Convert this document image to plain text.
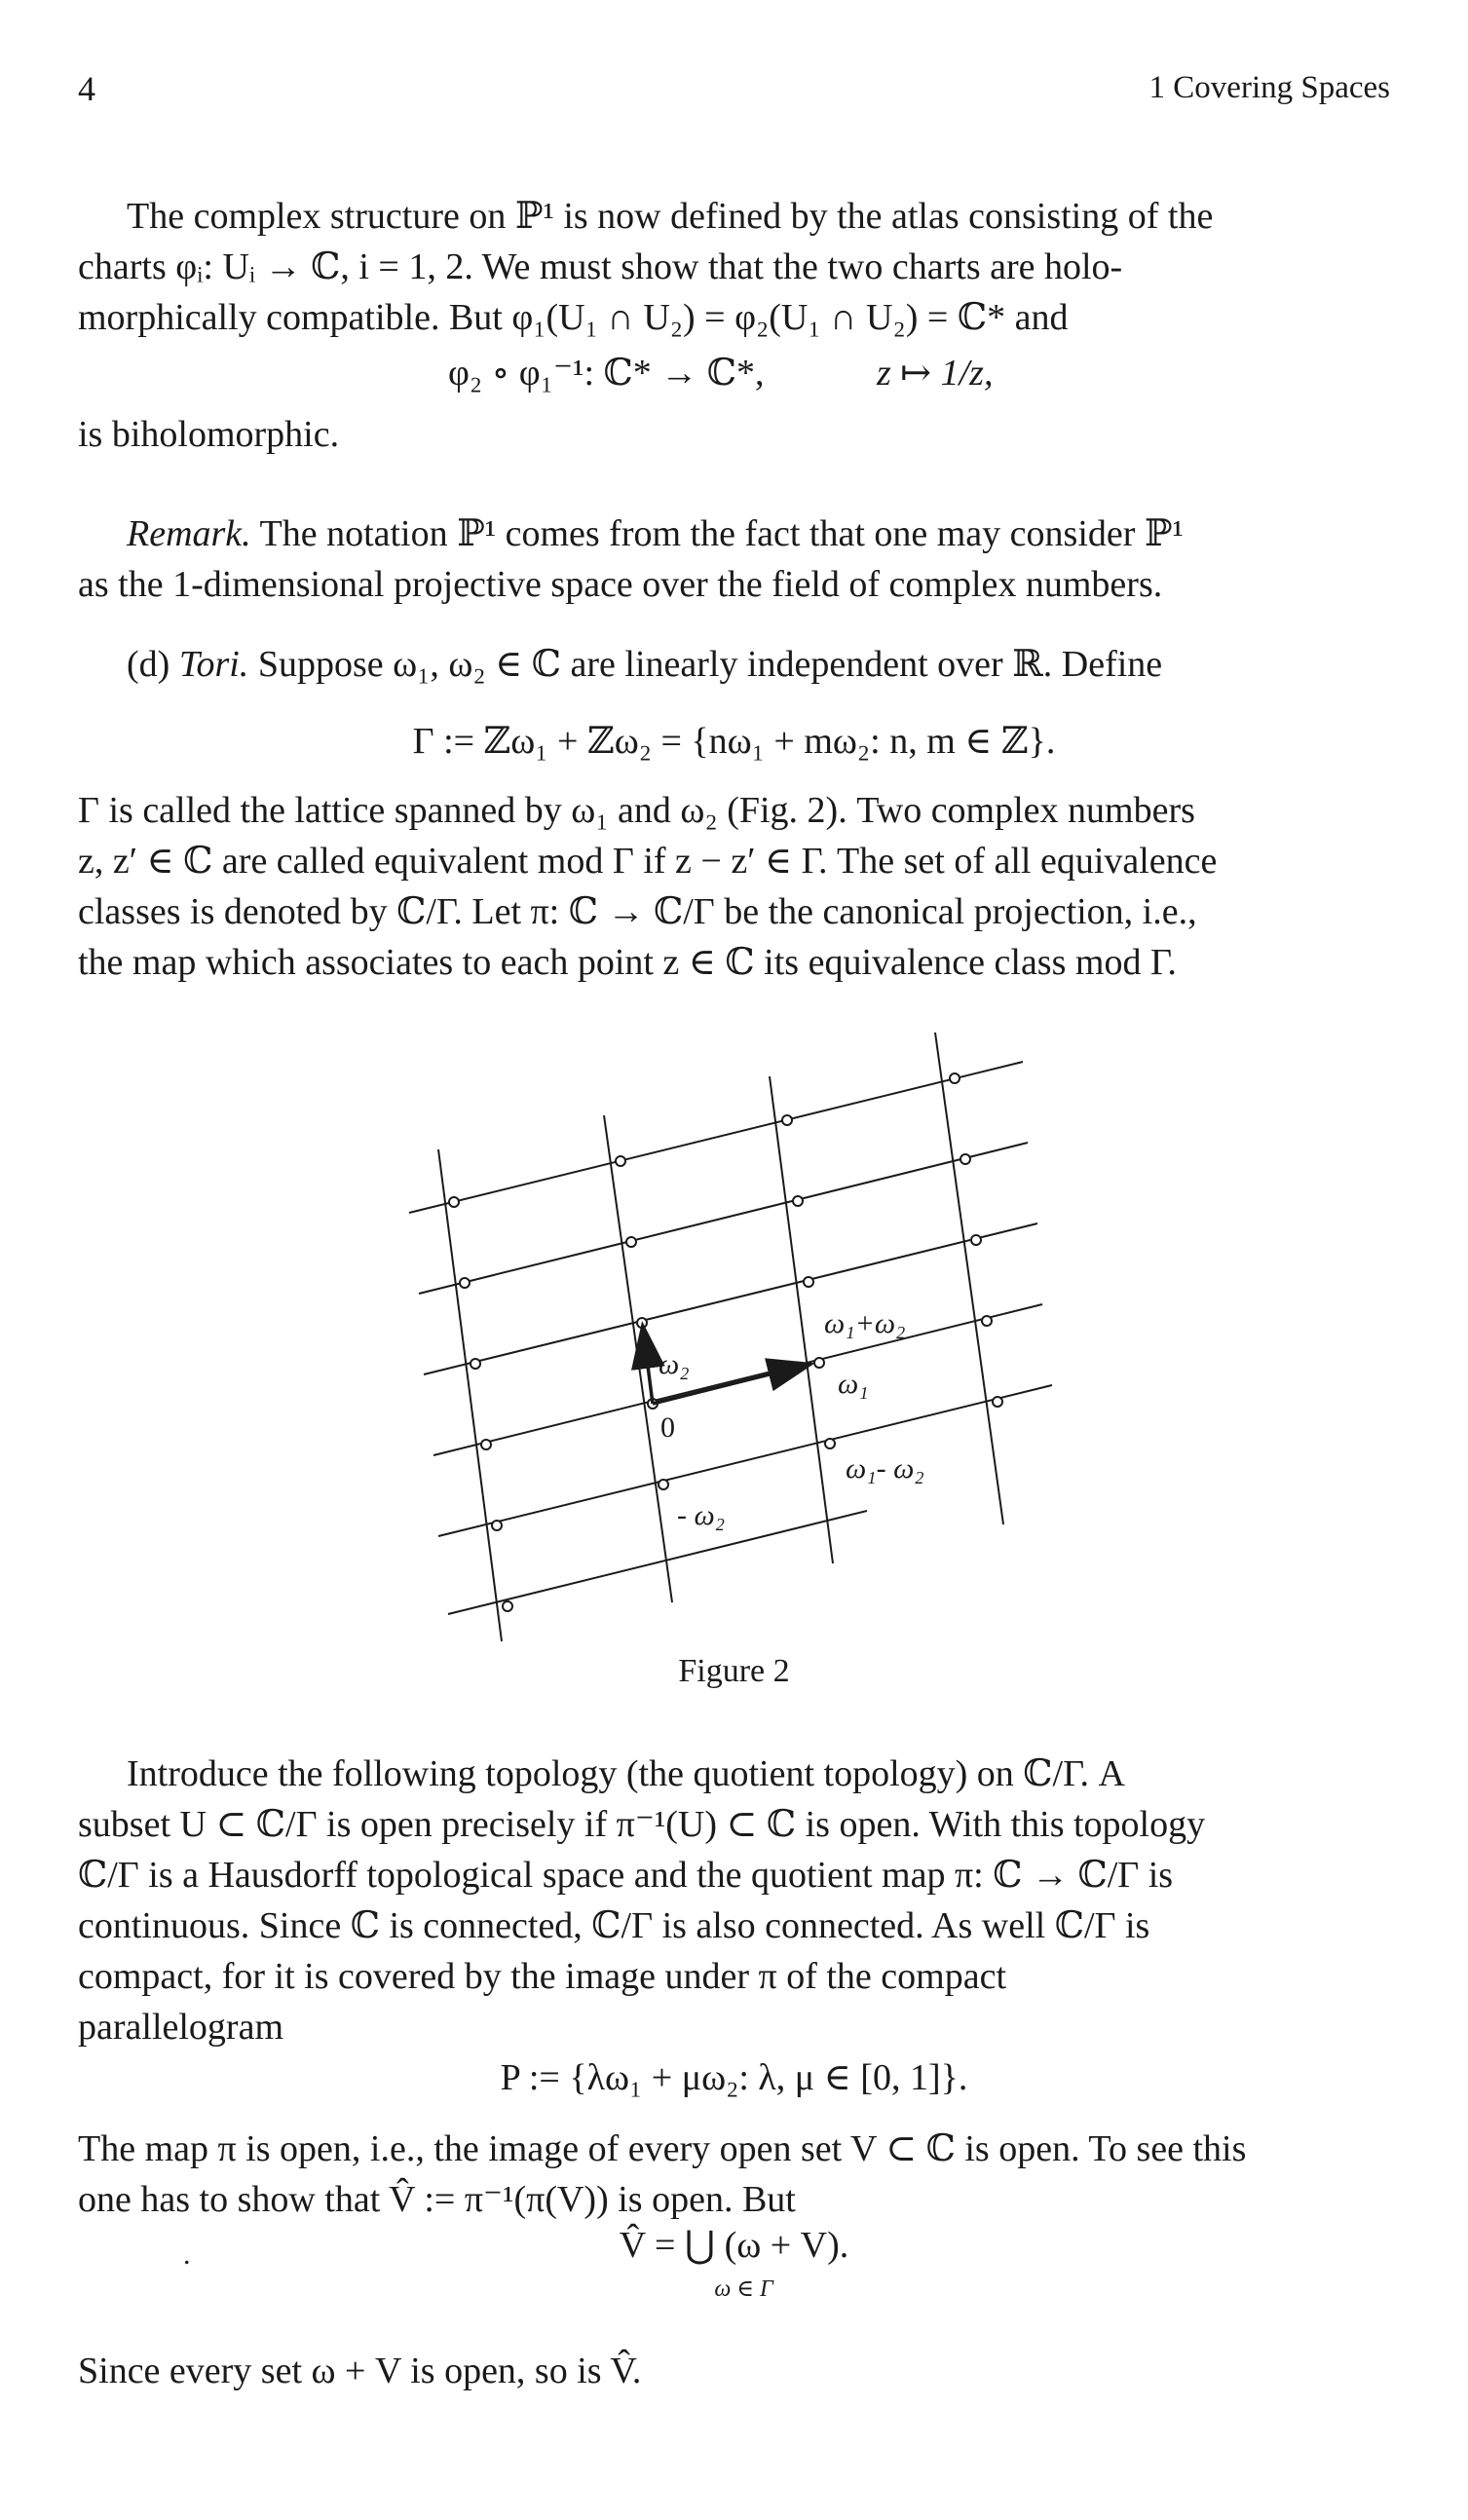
4	1 Covering Spaces
The complex structure on ℙ¹ is now defined by the atlas consisting of the
charts φᵢ: Uᵢ → ℂ, i = 1, 2. We must show that the two charts are holo-
morphically compatible. But φ₁(U₁ ∩ U₂) = φ₂(U₁ ∩ U₂) = ℂ* and
φ₂ ∘ φ₁⁻¹: ℂ* → ℂ*,	z ↦ 1/z,
is biholomorphic.
Remark. The notation ℙ¹ comes from the fact that one may consider ℙ¹
as the 1-dimensional projective space over the field of complex numbers.
(d) Tori. Suppose ω₁, ω₂ ∈ ℂ are linearly independent over ℝ. Define
Γ := ℤω₁ + ℤω₂ = {nω₁ + mω₂: n, m ∈ ℤ}.
Γ is called the lattice spanned by ω₁ and ω₂ (Fig. 2). Two complex numbers
z, z′ ∈ ℂ are called equivalent mod Γ if z − z′ ∈ Γ. The set of all equivalence
classes is denoted by ℂ/Γ. Let π: ℂ → ℂ/Γ be the canonical projection, i.e.,
the map which associates to each point z ∈ ℂ its equivalence class mod Γ.
ω₂
0
ω₁
ω₁+ω₂
ω₁- ω₂
- ω₂
Figure 2
Introduce the following topology (the quotient topology) on ℂ/Γ. A
subset U ⊂ ℂ/Γ is open precisely if π⁻¹(U) ⊂ ℂ is open. With this topology
ℂ/Γ is a Hausdorff topological space and the quotient map π: ℂ → ℂ/Γ is
continuous. Since ℂ is connected, ℂ/Γ is also connected. As well ℂ/Γ is
compact, for it is covered by the image under π of the compact
parallelogram
P := {λω₁ + μω₂: λ, μ ∈ [0, 1]}.
The map π is open, i.e., the image of every open set V ⊂ ℂ is open. To see this
one has to show that V̂ := π⁻¹(π(V)) is open. But
.	V̂ = ⋃ (ω + V).
ω ∈ Γ
Since every set ω + V is open, so is V̂.
